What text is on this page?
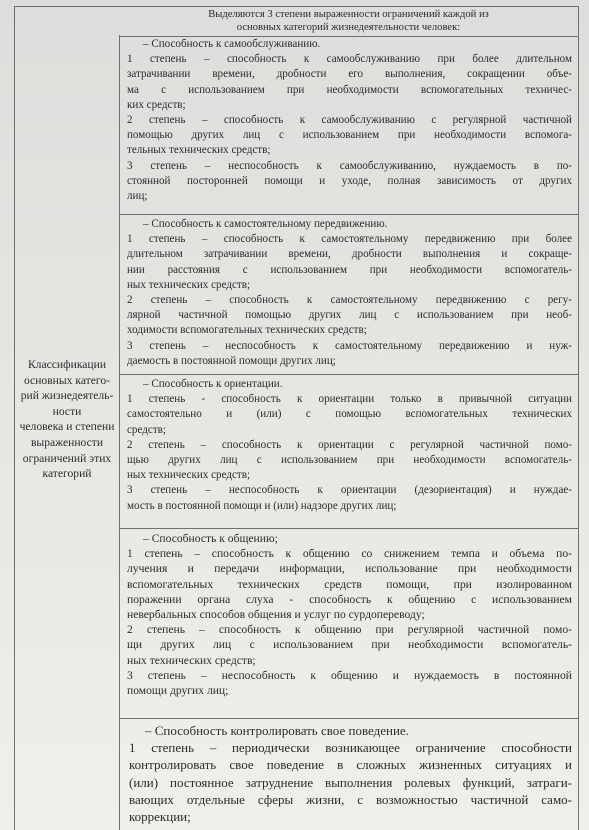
Выделяются 3 степени выраженности ограничений каждой из
основных категорий жизнедеятельности человек:
Классификации
основных катего-
рий жизнедеятель-
ности
человека и степени
выраженности
ограничений этих
категорий
– Способность к самообслуживанию.
1 степень – способность к самообслуживанию при более длительном
затрачивании времени, дробности его выполнения, сокращении объе-
ма с использованием при необходимости вспомогательных техничес-
ких средств;
2 степень – способность к самообслуживанию с регулярной частичной
помощью других лиц с использованием при необходимости вспомога-
тельных технических средств;
3 степень – неспособность к самообслуживанию, нуждаемость в по-
стоянной посторонней помощи и уходе, полная зависимость от других
лиц;
– Способность к самостоятельному передвижению.
1 степень – способность к самостоятельному передвижению при более
длительном затрачивании времени, дробности выполнения и сокраще-
нии расстояния с использованием при необходимости вспомогатель-
ных технических средств;
2 степень – способность к самостоятельному передвижению с регу-
лярной частичной помощью других лиц с использованием при необ-
ходимости вспомогательных технических средств;
3 степень – неспособность к самостоятельному передвижению и нуж-
даемость в постоянной помощи других лиц;
– Способность к ориентации.
1 степень - способность к ориентации только в привычной ситуации
самостоятельно и (или) с помощью вспомогательных технических
средств;
2 степень – способность к ориентации с регулярной частичной помо-
щью других лиц с использованием при необходимости вспомогатель-
ных технических средств;
3 степень – неспособность к ориентации (дезориентация) и нуждае-
мость в постоянной помощи и (или) надзоре других лиц;
– Способность к общению;
1 степень – способность к общению со снижением темпа и объема по-
лучения и передачи информации, использование при необходимости
вспомогательных технических средств помощи, при изолированном
поражении органа слуха - способность к общению с использованием
невербальных способов общения и услуг по сурдопереводу;
2 степень – способность к общению при регулярной частичной помо-
щи других лиц с использованием при необходимости вспомогатель-
ных технических средств;
3 степень – неспособность к общению и нуждаемость в постоянной
помощи других лиц;
– Способность контролировать свое поведение.
1 степень – периодически возникающее ограничение способности
контролировать свое поведение в сложных жизненных ситуациях и
(или) постоянное затруднение выполнения ролевых функций, затраги-
вающих отдельные сферы жизни, с возможностью частичной само-
коррекции;
